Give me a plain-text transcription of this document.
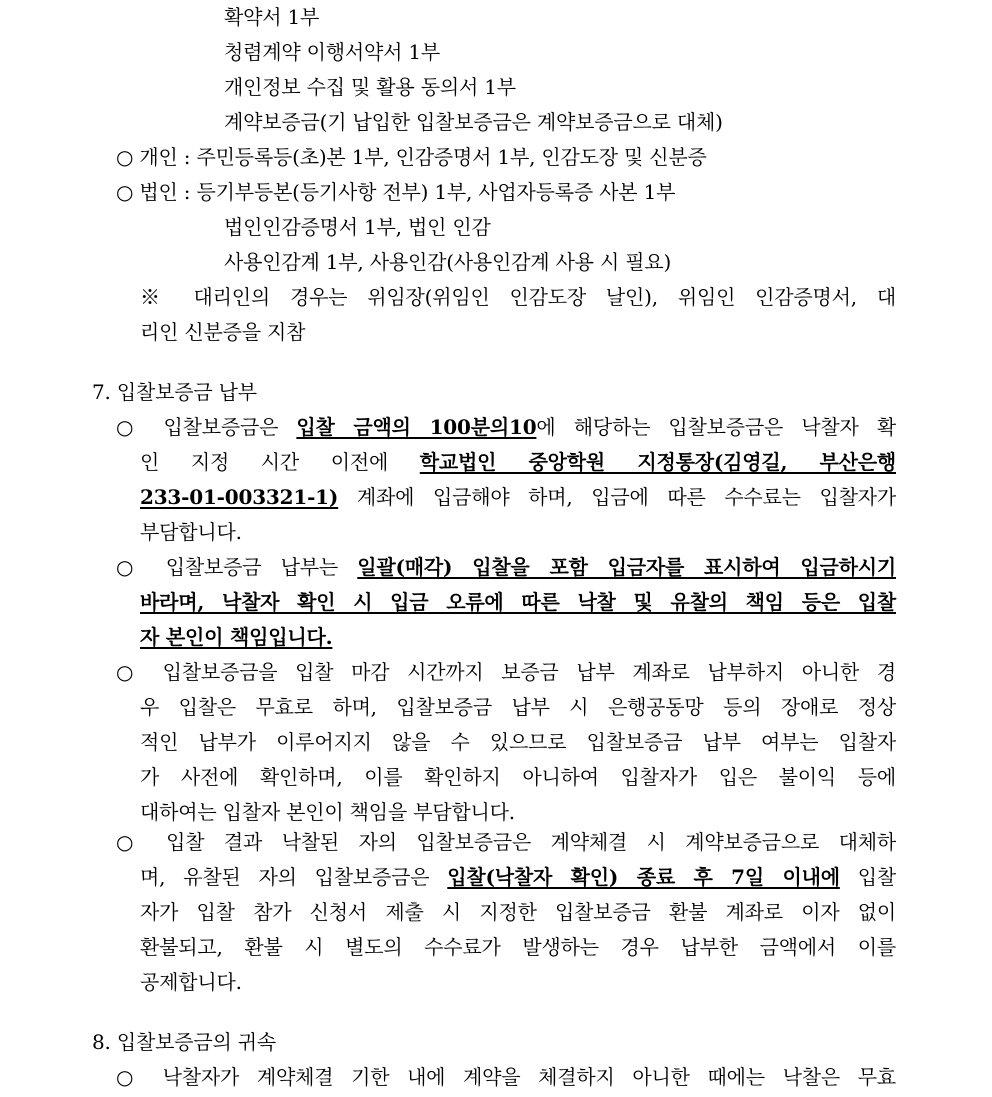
확약서 1부
청렴계약 이행서약서 1부
개인정보 수집 및 활용 동의서 1부
계약보증금(기 납입한 입찰보증금은 계약보증금으로 대체)
○ 개인 : 주민등록등(초)본 1부, 인감증명서 1부, 인감도장 및 신분증
○ 법인 : 등기부등본(등기사항 전부) 1부, 사업자등록증 사본 1부
법인인감증명서 1부, 법인 인감
사용인감계 1부, 사용인감(사용인감계 사용 시 필요)
※ 대리인의 경우는 위임장(위임인 인감도장 날인), 위임인 인감증명서, 대
리인 신분증을 지참
7. 입찰보증금 납부
○ 입찰보증금은 입찰 금액의 100분의10에 해당하는 입찰보증금은 낙찰자 확
인 지정 시간 이전에 학교법인 중앙학원 지정통장(김영길, 부산은행
233-01-003321-1) 계좌에 입금해야 하며, 입금에 따른 수수료는 입찰자가
부담합니다.
○ 입찰보증금 납부는 일괄(매각) 입찰을 포함 입금자를 표시하여 입금하시기
바라며, 낙찰자 확인 시 입금 오류에 따른 낙찰 및 유찰의 책임 등은 입찰
자 본인이 책임입니다.
○ 입찰보증금을 입찰 마감 시간까지 보증금 납부 계좌로 납부하지 아니한 경
우 입찰은 무효로 하며, 입찰보증금 납부 시 은행공동망 등의 장애로 정상
적인 납부가 이루어지지 않을 수 있으므로 입찰보증금 납부 여부는 입찰자
가 사전에 확인하며, 이를 확인하지 아니하여 입찰자가 입은 불이익 등에
대하여는 입찰자 본인이 책임을 부담합니다.
○ 입찰 결과 낙찰된 자의 입찰보증금은 계약체결 시 계약보증금으로 대체하
며, 유찰된 자의 입찰보증금은 입찰(낙찰자 확인) 종료 후 7일 이내에 입찰
자가 입찰 참가 신청서 제출 시 지정한 입찰보증금 환불 계좌로 이자 없이
환불되고, 환불 시 별도의 수수료가 발생하는 경우 납부한 금액에서 이를
공제합니다.
8. 입찰보증금의 귀속
○ 낙찰자가 계약체결 기한 내에 계약을 체결하지 아니한 때에는 낙찰은 무효
